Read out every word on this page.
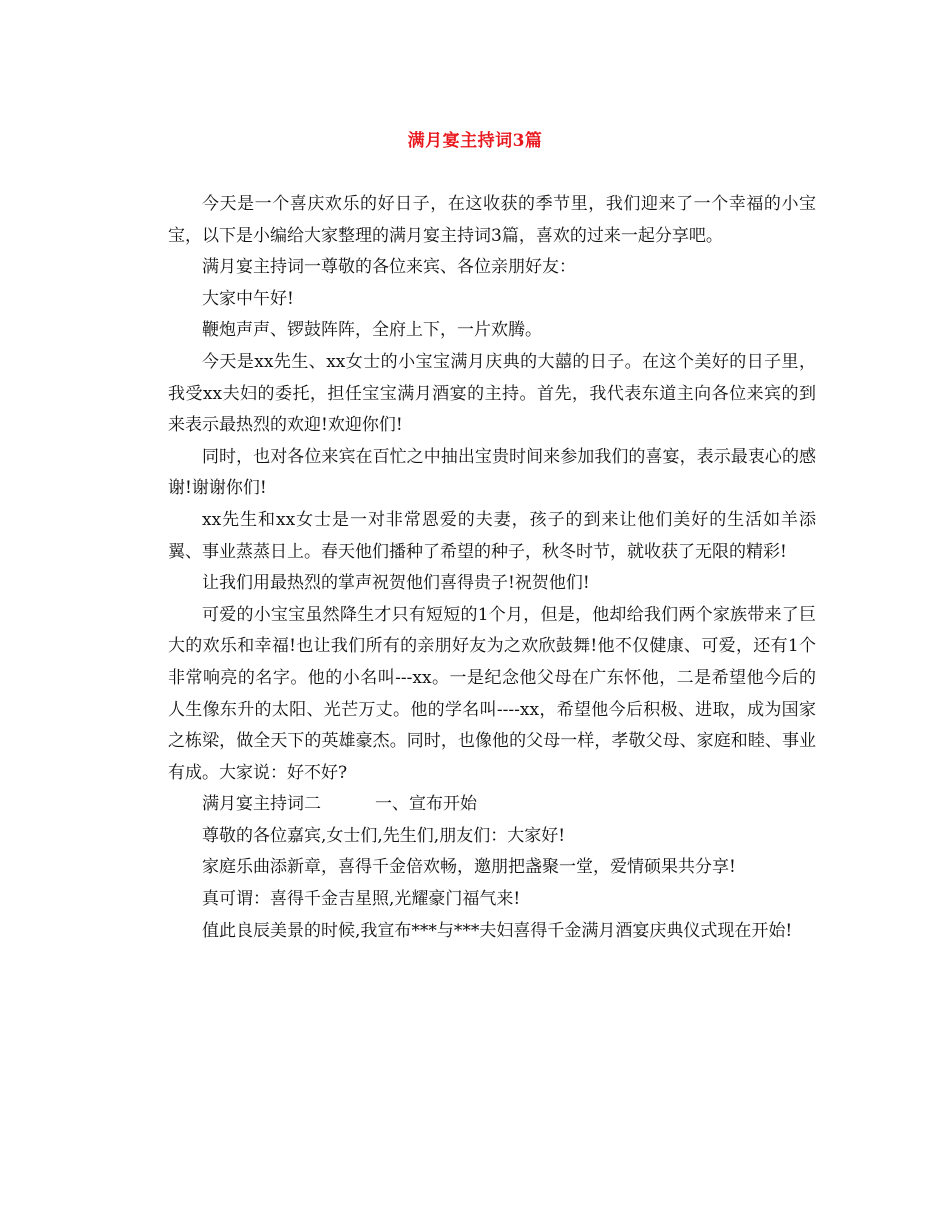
满月宴主持词3篇

今天是一个喜庆欢乐的好日子，在这收获的季节里，我们迎来了一个幸福的小宝宝，以下是小编给大家整理的满月宴主持词3篇，喜欢的过来一起分享吧。

满月宴主持词一尊敬的各位来宾、各位亲朋好友：

大家中午好!

鞭炮声声、锣鼓阵阵，全府上下，一片欢腾。

今天是xx先生、xx女士的小宝宝满月庆典的大囍的日子。在这个美好的日子里，我受xx夫妇的委托，担任宝宝满月酒宴的主持。首先，我代表东道主向各位来宾的到来表示最热烈的欢迎!欢迎你们!

同时，也对各位来宾在百忙之中抽出宝贵时间来参加我们的喜宴，表示最衷心的感谢!谢谢你们!

xx先生和xx女士是一对非常恩爱的夫妻，孩子的到来让他们美好的生活如羊添翼、事业蒸蒸日上。春天他们播种了希望的种子，秋冬时节，就收获了无限的精彩!

让我们用最热烈的掌声祝贺他们喜得贵子!祝贺他们!

可爱的小宝宝虽然降生才只有短短的1个月，但是，他却给我们两个家族带来了巨大的欢乐和幸福!也让我们所有的亲朋好友为之欢欣鼓舞!他不仅健康、可爱，还有1个非常响亮的名字。他的小名叫---xx。一是纪念他父母在广东怀他，二是希望他今后的人生像东升的太阳、光芒万丈。他的学名叫----xx，希望他今后积极、进取，成为国家之栋梁，做全天下的英雄豪杰。同时，也像他的父母一样，孝敬父母、家庭和睦、事业有成。大家说：好不好?

满月宴主持词二	一、宣布开始

尊敬的各位嘉宾,女士们,先生们,朋友们：大家好!

家庭乐曲添新章，喜得千金倍欢畅，邀朋把盏聚一堂，爱情硕果共分享!

真可谓：喜得千金吉星照,光耀豪门福气来!

值此良辰美景的时候,我宣布***与***夫妇喜得千金满月酒宴庆典仪式现在开始!
